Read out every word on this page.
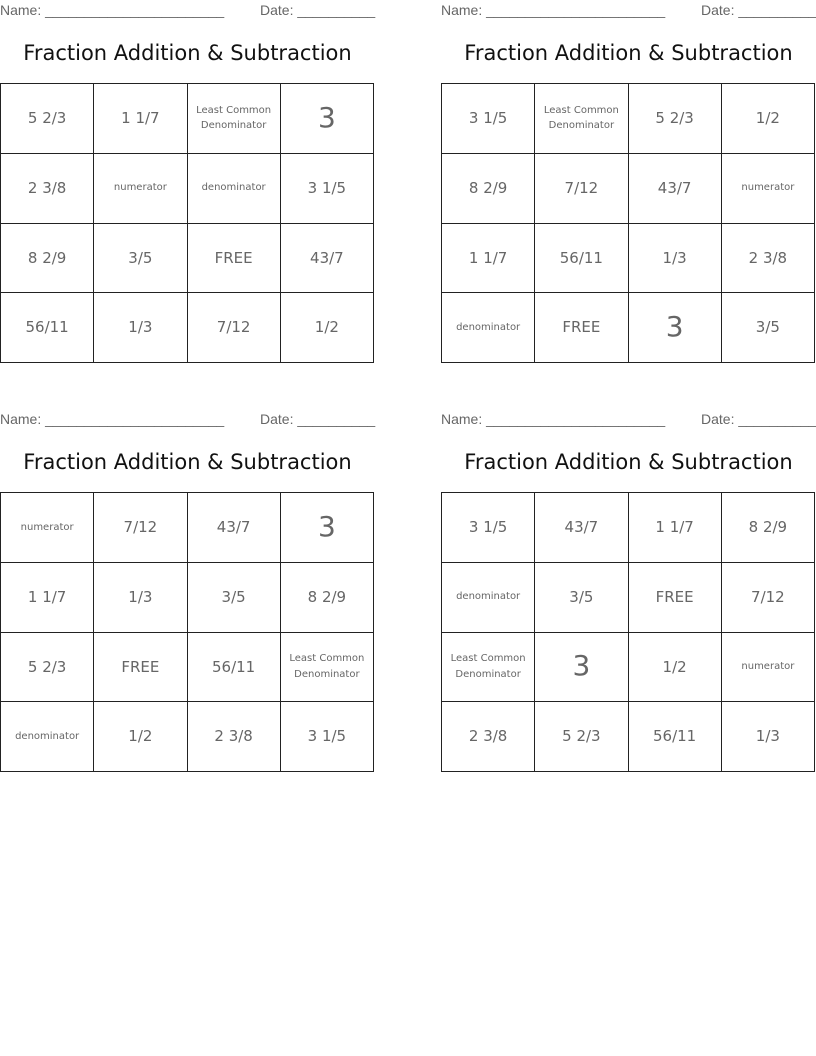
Name: _______________________	Date: __________
Fraction Addition & Subtraction
5 2/3	1 1/7	Least Common Denominator	3
2 3/8	numerator	denominator	3 1/5
8 2/9	3/5	FREE	43/7
56/11	1/3	7/12	1/2
Name: _______________________	Date: __________
Fraction Addition & Subtraction
3 1/5	Least Common Denominator	5 2/3	1/2
8 2/9	7/12	43/7	numerator
1 1/7	56/11	1/3	2 3/8
denominator	FREE	3	3/5
Name: _______________________	Date: __________
Fraction Addition & Subtraction
numerator	7/12	43/7	3
1 1/7	1/3	3/5	8 2/9
5 2/3	FREE	56/11	Least Common Denominator
denominator	1/2	2 3/8	3 1/5
Name: _______________________	Date: __________
Fraction Addition & Subtraction
3 1/5	43/7	1 1/7	8 2/9
denominator	3/5	FREE	7/12
Least Common Denominator	3	1/2	numerator
2 3/8	5 2/3	56/11	1/3
